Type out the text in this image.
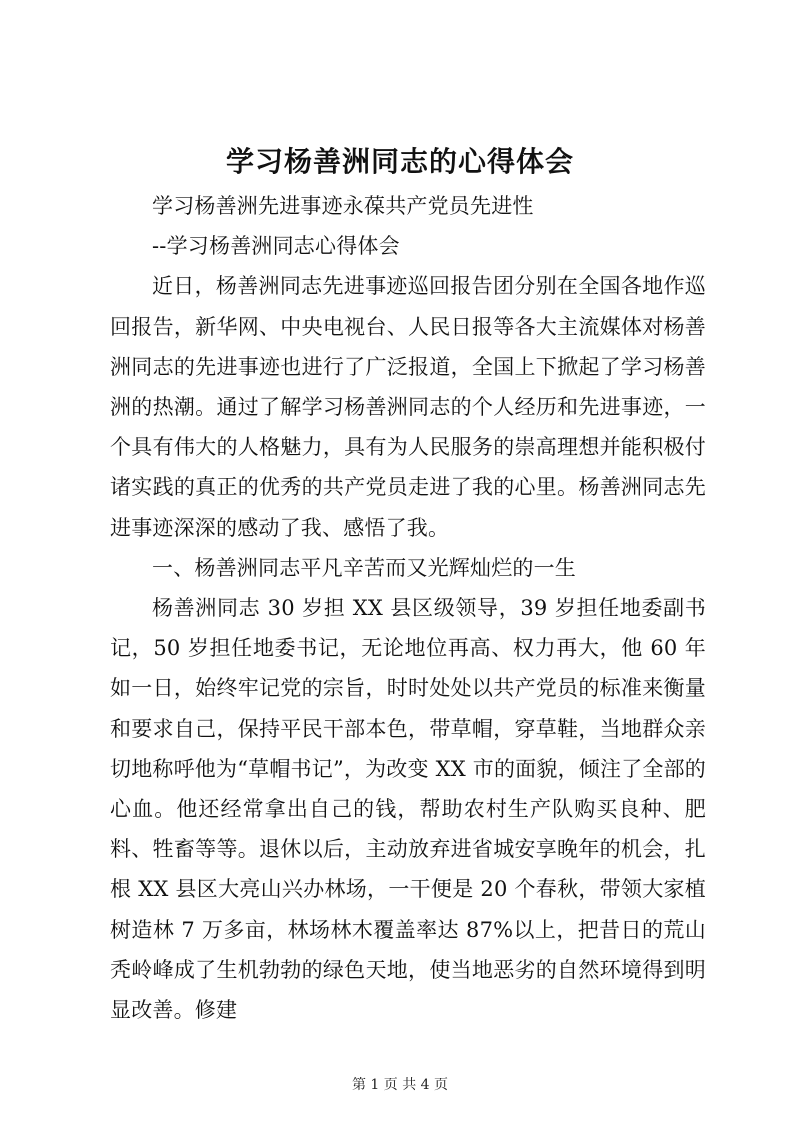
学习杨善洲同志的心得体会

学习杨善洲先进事迹永葆共产党员先进性

--学习杨善洲同志心得体会

近日，杨善洲同志先进事迹巡回报告团分别在全国各地作巡回报告，新华网、中央电视台、人民日报等各大主流媒体对杨善洲同志的先进事迹也进行了广泛报道，全国上下掀起了学习杨善洲的热潮。通过了解学习杨善洲同志的个人经历和先进事迹，一个具有伟大的人格魅力，具有为人民服务的崇高理想并能积极付诸实践的真正的优秀的共产党员走进了我的心里。杨善洲同志先进事迹深深的感动了我、感悟了我。

一、杨善洲同志平凡辛苦而又光辉灿烂的一生

杨善洲同志 30 岁担 XX 县区级领导，39 岁担任地委副书记，50 岁担任地委书记，无论地位再高、权力再大，他 60 年如一日，始终牢记党的宗旨，时时处处以共产党员的标准来衡量和要求自己，保持平民干部本色，带草帽，穿草鞋，当地群众亲切地称呼他为“草帽书记”，为改变 XX 市的面貌，倾注了全部的心血。他还经常拿出自己的钱，帮助农村生产队购买良种、肥料、牲畜等等。退休以后，主动放弃进省城安享晚年的机会，扎根 XX 县区大亮山兴办林场，一干便是 20 个春秋，带领大家植树造林 7 万多亩，林场林木覆盖率达 87%以上，把昔日的荒山秃岭峰成了生机勃勃的绿色天地，使当地恶劣的自然环境得到明显改善。修建

第 1 页 共 4 页
